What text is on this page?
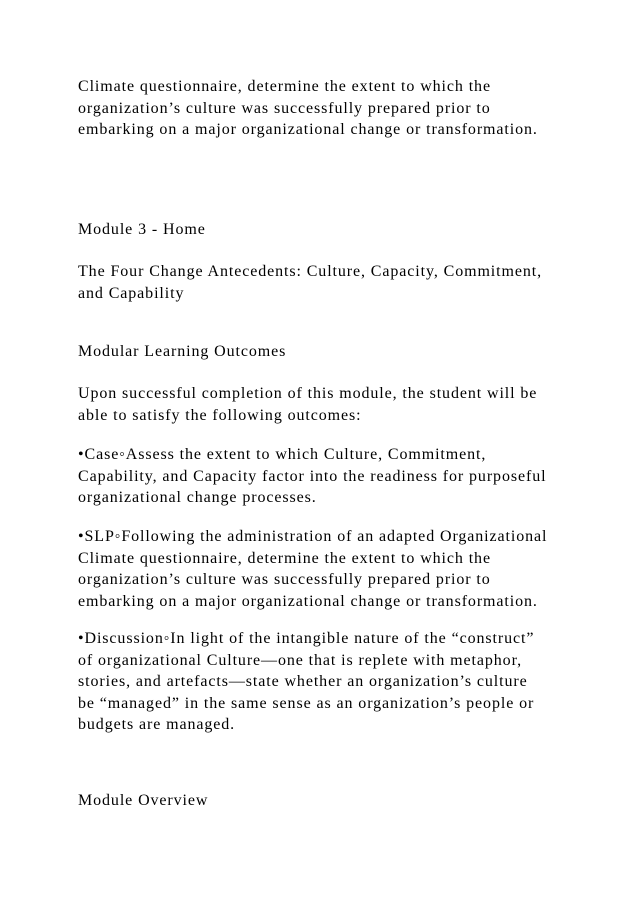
Climate questionnaire, determine the extent to which the
organization’s culture was successfully prepared prior to
embarking on a major organizational change or transformation.

Module 3 - Home

The Four Change Antecedents: Culture, Capacity, Commitment,
and Capability

Modular Learning Outcomes

Upon successful completion of this module, the student will be
able to satisfy the following outcomes:

•Case◦Assess the extent to which Culture, Commitment,
Capability, and Capacity factor into the readiness for purposeful
organizational change processes.

•SLP◦Following the administration of an adapted Organizational
Climate questionnaire, determine the extent to which the
organization’s culture was successfully prepared prior to
embarking on a major organizational change or transformation.

•Discussion◦In light of the intangible nature of the “construct”
of organizational Culture—one that is replete with metaphor,
stories, and artefacts—state whether an organization’s culture
be “managed” in the same sense as an organization’s people or
budgets are managed.

Module Overview
